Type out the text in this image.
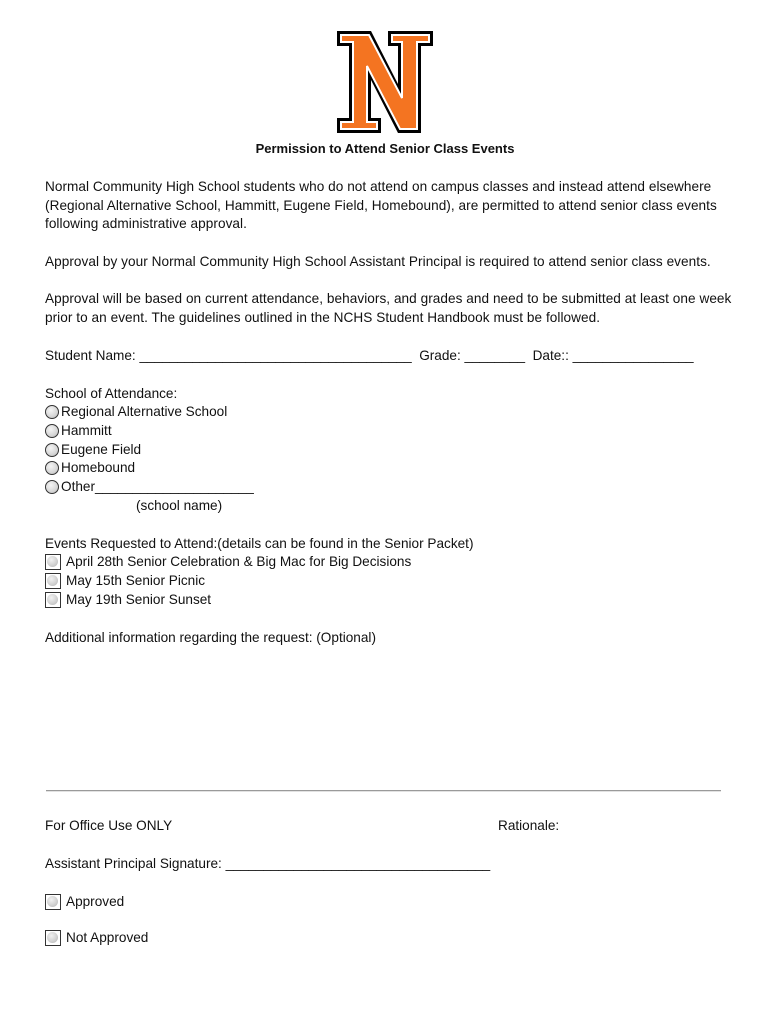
Permission to Attend Senior Class Events
Normal Community High School students who do not attend on campus classes and instead attend elsewhere (Regional Alternative School, Hammitt, Eugene Field, Homebound), are permitted to attend senior class events following administrative approval.
Approval by your Normal Community High School Assistant Principal is required to attend senior class events.
Approval will be based on current attendance, behaviors, and grades and need to be submitted at least one week prior to an event. The guidelines outlined in the NCHS Student Handbook must be followed.
Student Name: ____________________________________ Grade: ________ Date:: ________________
School of Attendance:
Regional Alternative School
Hammitt
Eugene Field
Homebound
Other _____________________
(school name)
Events Requested to Attend:(details can be found in the Senior Packet)
April 28th Senior Celebration & Big Mac for Big Decisions
May 15th Senior Picnic
May 19th Senior Sunset
Additional information regarding the request: (Optional)
For Office Use ONLY	Rationale:
Assistant Principal Signature: ___________________________________
Approved
Not Approved
